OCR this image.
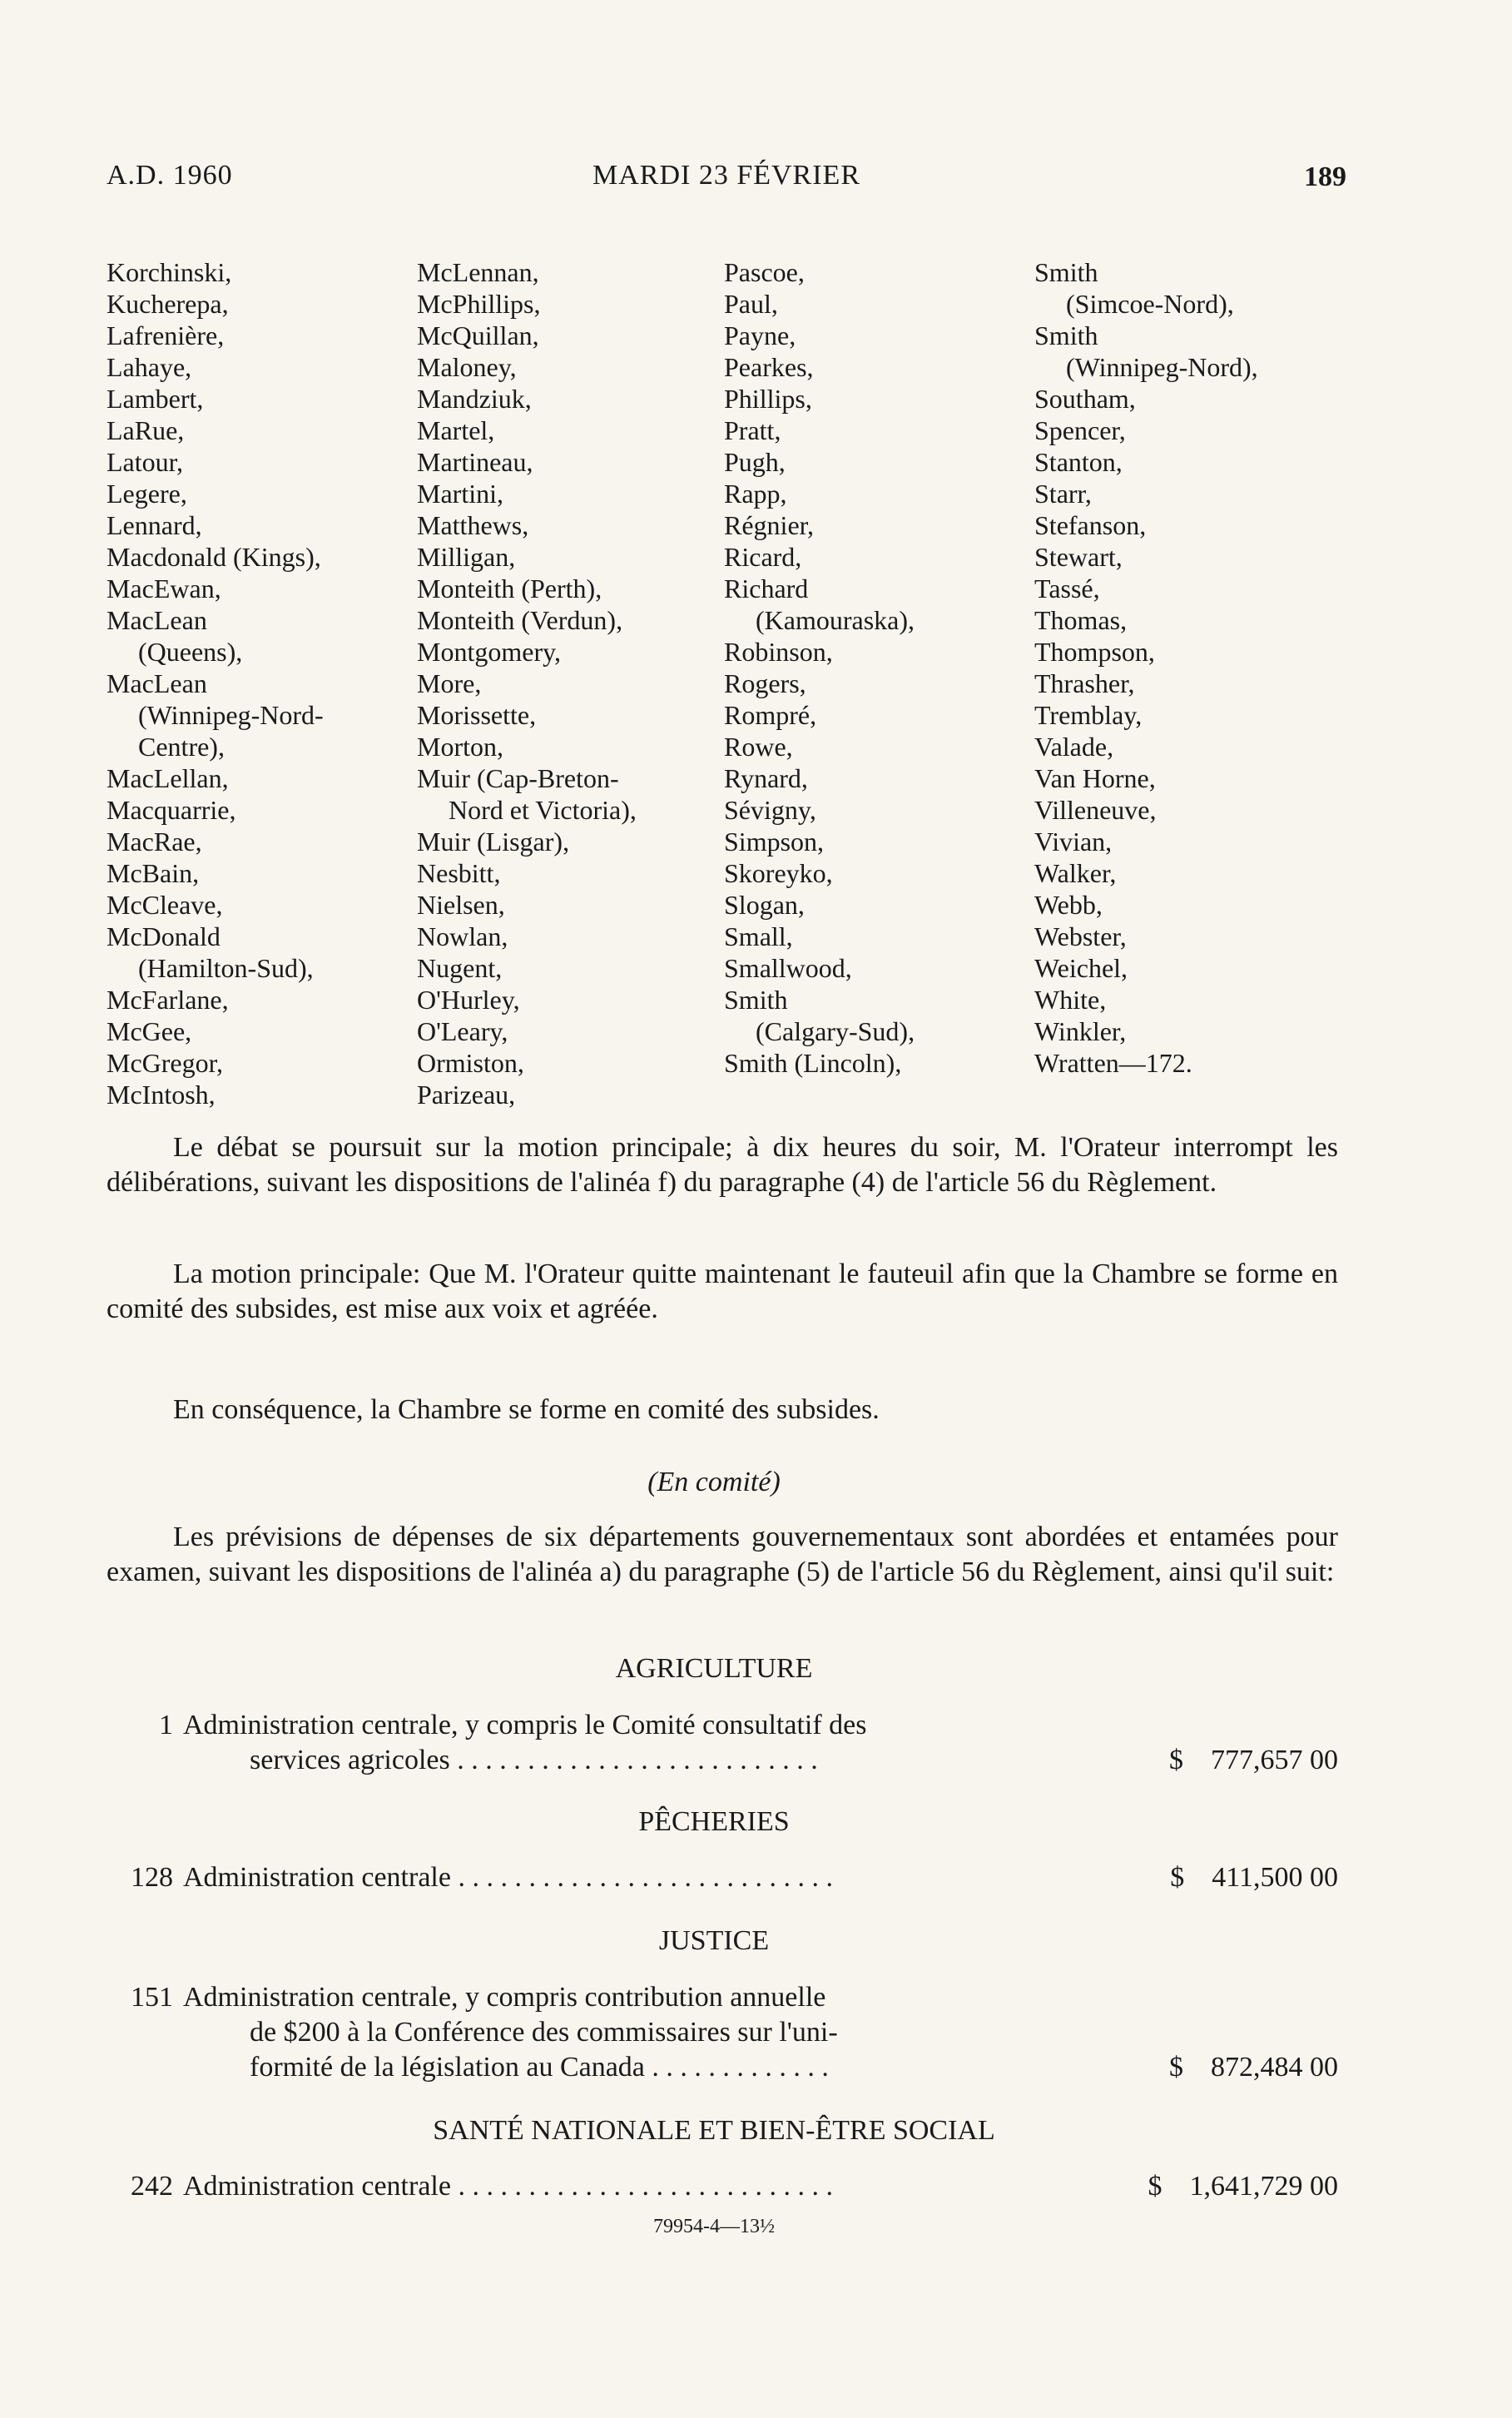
A.D. 1960	MARDI 23 FÉVRIER	189
Korchinski,
Kucherepa,
Lafrenière,
Lahaye,
Lambert,
LaRue,
Latour,
Legere,
Lennard,
Macdonald (Kings),
MacEwan,
MacLean
(Queens),
MacLean
(Winnipeg-Nord-
Centre),
MacLellan,
Macquarrie,
MacRae,
McBain,
McCleave,
McDonald
(Hamilton-Sud),
McFarlane,
McGee,
McGregor,
McIntosh,
McLennan,
McPhillips,
McQuillan,
Maloney,
Mandziuk,
Martel,
Martineau,
Martini,
Matthews,
Milligan,
Monteith (Perth),
Monteith (Verdun),
Montgomery,
More,
Morissette,
Morton,
Muir (Cap-Breton-
Nord et Victoria),
Muir (Lisgar),
Nesbitt,
Nielsen,
Nowlan,
Nugent,
O'Hurley,
O'Leary,
Ormiston,
Parizeau,
Pascoe,
Paul,
Payne,
Pearkes,
Phillips,
Pratt,
Pugh,
Rapp,
Régnier,
Ricard,
Richard
(Kamouraska),
Robinson,
Rogers,
Rompré,
Rowe,
Rynard,
Sévigny,
Simpson,
Skoreyko,
Slogan,
Small,
Smallwood,
Smith
(Calgary-Sud),
Smith (Lincoln),
Smith
(Simcoe-Nord),
Smith
(Winnipeg-Nord),
Southam,
Spencer,
Stanton,
Starr,
Stefanson,
Stewart,
Tassé,
Thomas,
Thompson,
Thrasher,
Tremblay,
Valade,
Van Horne,
Villeneuve,
Vivian,
Walker,
Webb,
Webster,
Weichel,
White,
Winkler,
Wratten—172.
Le débat se poursuit sur la motion principale; à dix heures du soir, M. l'Orateur interrompt les délibérations, suivant les dispositions de l'alinéa f) du paragraphe (4) de l'article 56 du Règlement.
La motion principale: Que M. l'Orateur quitte maintenant le fauteuil afin que la Chambre se forme en comité des subsides, est mise aux voix et agréée.
En conséquence, la Chambre se forme en comité des subsides.
(En comité)
Les prévisions de dépenses de six départements gouvernementaux sont abordées et entamées pour examen, suivant les dispositions de l'alinéa a) du paragraphe (5) de l'article 56 du Règlement, ainsi qu'il suit:
AGRICULTURE
1 Administration centrale, y compris le Comité consultatif des
services agricoles . . . . . . . . . . . . . . . . . . . . . . . . . .	$ 777,657 00
PÊCHERIES
128 Administration centrale . . . . . . . . . . . . . . . . . . . . . . . . . . .	$ 411,500 00
JUSTICE
151 Administration centrale, y compris contribution annuelle
de $200 à la Conférence des commissaires sur l'uni-
formité de la législation au Canada . . . . . . . . . . . . .	$ 872,484 00
SANTÉ NATIONALE ET BIEN-ÊTRE SOCIAL
242 Administration centrale . . . . . . . . . . . . . . . . . . . . . . . . . . .	$ 1,641,729 00
79954-4—13½
